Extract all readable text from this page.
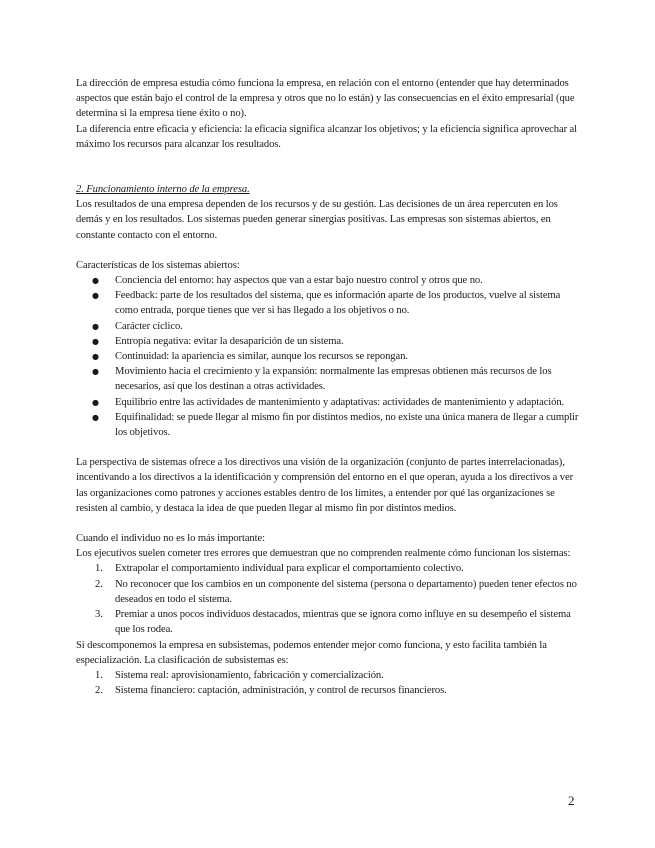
La dirección de empresa estudia cómo funciona la empresa, en relación con el entorno (entender que hay determinados aspectos que están bajo el control de la empresa y otros que no lo están) y las consecuencias en el éxito empresarial (que determina si la empresa tiene éxito o no).

La diferencia entre eficacia y eficiencia: la eficacia significa alcanzar los objetivos; y la eficiencia significa aprovechar al máximo los recursos para alcanzar los resultados.

2. Funcionamiento interno de la empresa.

Los resultados de una empresa dependen de los recursos y de su gestión. Las decisiones de un área repercuten en los demás y en los resultados. Los sistemas pueden generar sinergias positivas. Las empresas son sistemas abiertos, en constante contacto con el entorno.

Características de los sistemas abiertos:

● Conciencia del entorno: hay aspectos que van a estar bajo nuestro control y otros que no.
● Feedback: parte de los resultados del sistema, que es información aparte de los productos, vuelve al sistema como entrada, porque tienes que ver si has llegado a los objetivos o no.
● Carácter cíclico.
● Entropía negativa: evitar la desaparición de un sistema.
● Continuidad: la apariencia es similar, aunque los recursos se repongan.
● Movimiento hacia el crecimiento y la expansión: normalmente las empresas obtienen más recursos de los necesarios, así que los destinan a otras actividades.
● Equilibrio entre las actividades de mantenimiento y adaptativas: actividades de mantenimiento y adaptación.
● Equifinalidad: se puede llegar al mismo fin por distintos medios, no existe una única manera de llegar a cumplir los objetivos.

La perspectiva de sistemas ofrece a los directivos una visión de la organización (conjunto de partes interrelacionadas), incentivando a los directivos a la identificación y comprensión del entorno en el que operan, ayuda a los directivos a ver las organizaciones como patrones y acciones estables dentro de los límites, a entender por qué las organizaciones se resisten al cambio, y destaca la idea de que pueden llegar al mismo fin por distintos medios.

Cuando el individuo no es lo más importante:

Los ejecutivos suelen cometer tres errores que demuestran que no comprenden realmente cómo funcionan los sistemas:

1. Extrapolar el comportamiento individual para explicar el comportamiento colectivo.
2. No reconocer que los cambios en un componente del sistema (persona o departamento) pueden tener efectos no deseados en todo el sistema.
3. Premiar a unos pocos individuos destacados, mientras que se ignora como influye en su desempeño el sistema que los rodea.

Si descomponemos la empresa en subsistemas, podemos entender mejor como funciona, y esto facilita también la especialización. La clasificación de subsistemas es:

1. Sistema real: aprovisionamiento, fabricación y comercialización.
2. Sistema financiero: captación, administración, y control de recursos financieros.
2
